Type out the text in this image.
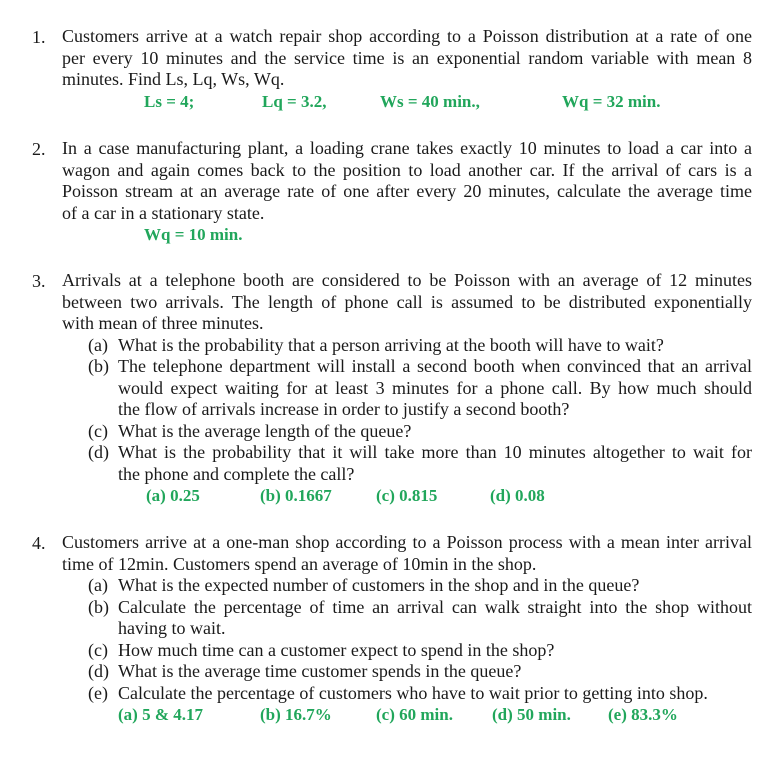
1. Customers arrive at a watch repair shop according to a Poisson distribution at a rate of one
per every 10 minutes and the service time is an exponential random variable with mean 8
minutes. Find Ls, Lq, Ws, Wq.
Ls = 4;	Lq = 3.2,	Ws = 40 min.,	Wq = 32 min.
2. In a case manufacturing plant, a loading crane takes exactly 10 minutes to load a car into a
wagon and again comes back to the position to load another car. If the arrival of cars is a
Poisson stream at an average rate of one after every 20 minutes, calculate the average time
of a car in a stationary state.
Wq = 10 min.
3. Arrivals at a telephone booth are considered to be Poisson with an average of 12 minutes
between two arrivals. The length of phone call is assumed to be distributed exponentially
with mean of three minutes.
(a) What is the probability that a person arriving at the booth will have to wait?
(b) The telephone department will install a second booth when convinced that an arrival
would expect waiting for at least 3 minutes for a phone call. By how much should
the flow of arrivals increase in order to justify a second booth?
(c) What is the average length of the queue?
(d) What is the probability that it will take more than 10 minutes altogether to wait for
the phone and complete the call?
(a) 0.25	(b) 0.1667	(c) 0.815	(d) 0.08
4. Customers arrive at a one-man shop according to a Poisson process with a mean inter arrival
time of 12min. Customers spend an average of 10min in the shop.
(a) What is the expected number of customers in the shop and in the queue?
(b) Calculate the percentage of time an arrival can walk straight into the shop without
having to wait.
(c) How much time can a customer expect to spend in the shop?
(d) What is the average time customer spends in the queue?
(e) Calculate the percentage of customers who have to wait prior to getting into shop.
(a) 5 & 4.17	(b) 16.7%	(c) 60 min. (d) 50 min. (e) 83.3%
